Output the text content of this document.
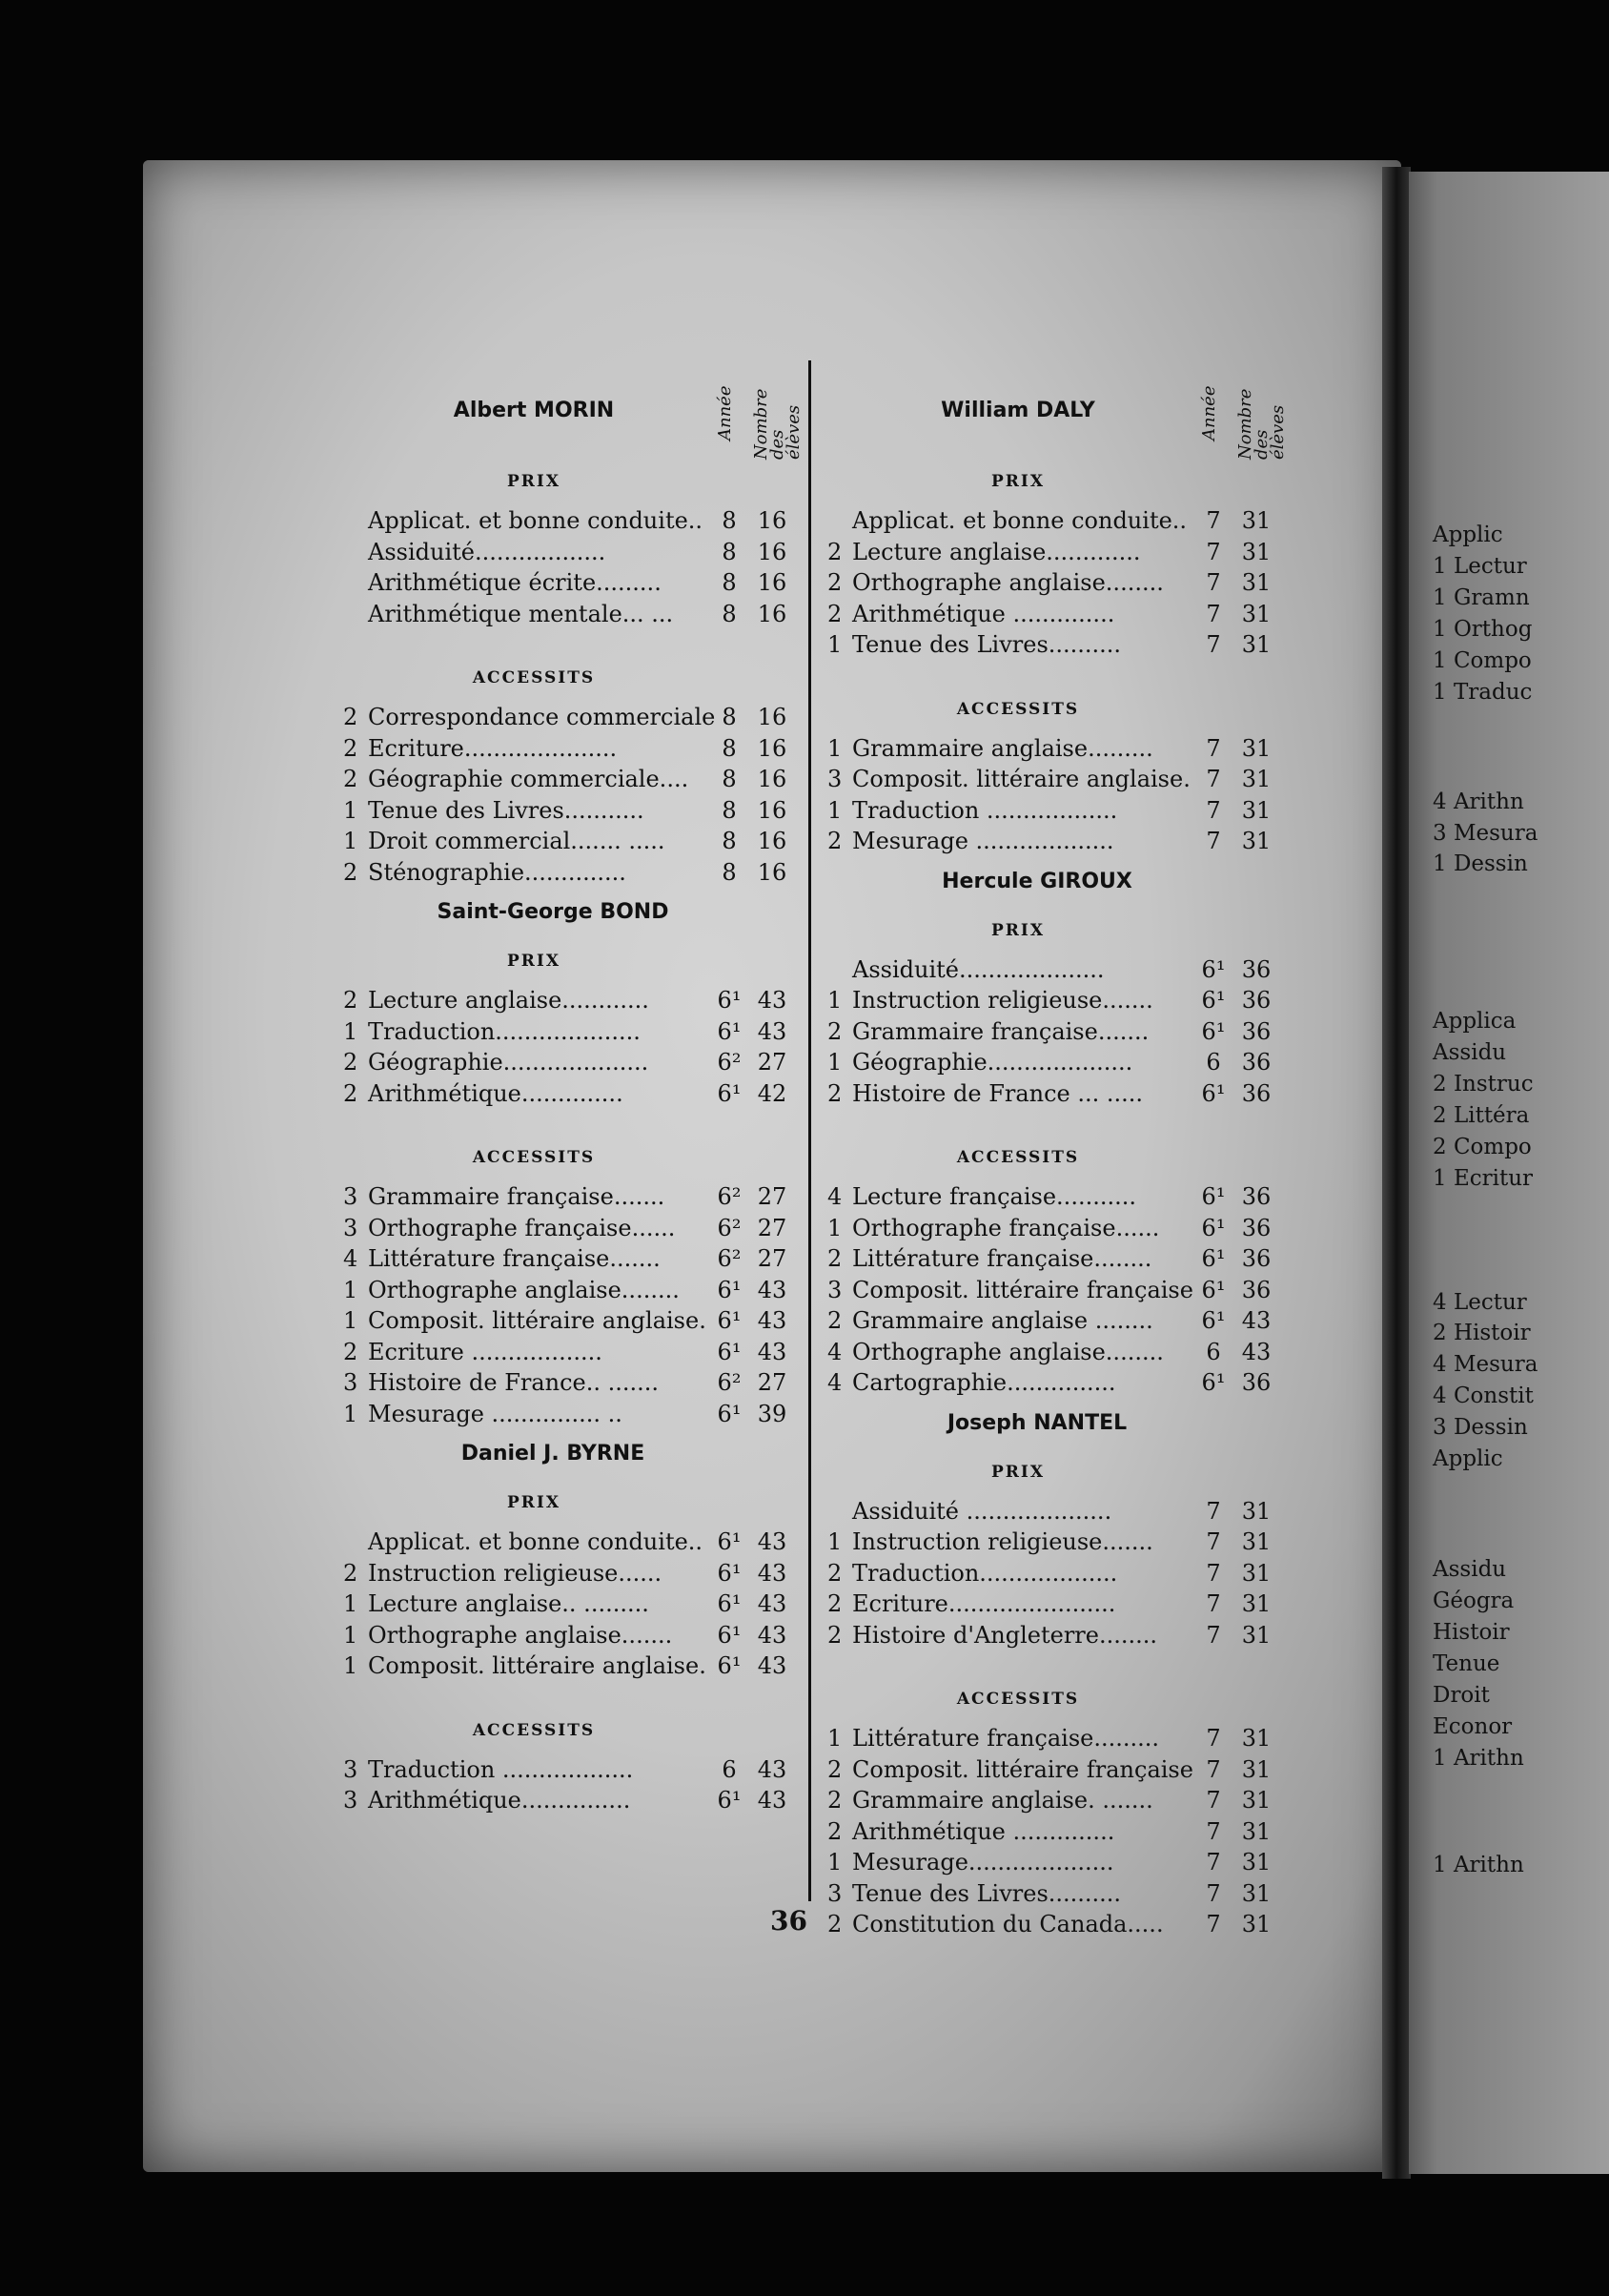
Applic
1 Lectur
1 Gramn
1 Orthog
1 Compo
1 Traduc
4 Arithn
3 Mesura
1 Dessin
Applica
Assidu
2 Instruc
2 Littéra
2 Compo
1 Ecritur
4 Lectur
2 Histoir
4 Mesura
4 Constit
3 Dessin
Applic
Assidu
Géogra
Histoir
Tenue
Droit
Econor
1 Arithn
1 Arithn
Albert MORIN	Année Nombre des élèves
PRIX
Applicat. et bonne conduite.. 8 16
Assiduité..................	8 16
Arithmétique écrite.........	8 16
Arithmétique mentale... ...	8 16
ACCESSITS
2 Correspondance commerciale 8 16
2 Ecriture.....................	8 16
2 Géographie commerciale....	8 16
1 Tenue des Livres...........	8 16
1 Droit commercial....... .....	8 16
2 Sténographie..............	8 16
Saint-George BOND
PRIX
2 Lecture anglaise............	6¹ 43
1 Traduction....................	6¹ 43
2 Géographie....................	6² 27
2 Arithmétique..............	6¹ 42
ACCESSITS
3 Grammaire française.......	6² 27
3 Orthographe française......	6² 27
4 Littérature française.......	6² 27
1 Orthographe anglaise........	6¹ 43
1 Composit. littéraire anglaise. 6¹ 43
2 Ecriture ..................	6¹ 43
3 Histoire de France.. .......	6² 27
1 Mesurage ............... ..	6¹ 39
Daniel J. BYRNE
PRIX
Applicat. et bonne conduite.. 6¹ 43
2 Instruction religieuse......	6¹ 43
1 Lecture anglaise.. .........	6¹ 43
1 Orthographe anglaise.......	6¹ 43
1 Composit. littéraire anglaise. 6¹ 43
ACCESSITS
3 Traduction ..................	6 43
3 Arithmétique...............	6¹ 43
William DALY	Année Nombre des élèves
PRIX
Applicat. et bonne conduite.. 7 31
2 Lecture anglaise.............	7 31
2 Orthographe anglaise........	7 31
2 Arithmétique ..............	7 31
1 Tenue des Livres..........	7 31
ACCESSITS
1 Grammaire anglaise.........	7 31
3 Composit. littéraire anglaise. 7 31
1 Traduction ..................	7 31
2 Mesurage ...................	7 31
Hercule GIROUX
PRIX
Assiduité....................	6¹ 36
1 Instruction religieuse.......	6¹ 36
2 Grammaire française.......	6¹ 36
1 Géographie....................	6 36
2 Histoire de France ... .....	6¹ 36
ACCESSITS
4 Lecture française...........	6¹ 36
1 Orthographe française......	6¹ 36
2 Littérature française........	6¹ 36
3 Composit. littéraire française 6¹ 36
2 Grammaire anglaise ........	6¹ 43
4 Orthographe anglaise........	6 43
4 Cartographie...............	6¹ 36
Joseph NANTEL
PRIX
Assiduité ....................	7 31
1 Instruction religieuse.......	7 31
2 Traduction...................	7 31
2 Ecriture.......................	7 31
2 Histoire d'Angleterre........	7 31
ACCESSITS
1 Littérature française.........	7 31
2 Composit. littéraire française 7 31
2 Grammaire anglaise. .......	7 31
2 Arithmétique ..............	7 31
1 Mesurage....................	7 31
3 Tenue des Livres..........	7 31
2 Constitution du Canada.....	7 31
36
